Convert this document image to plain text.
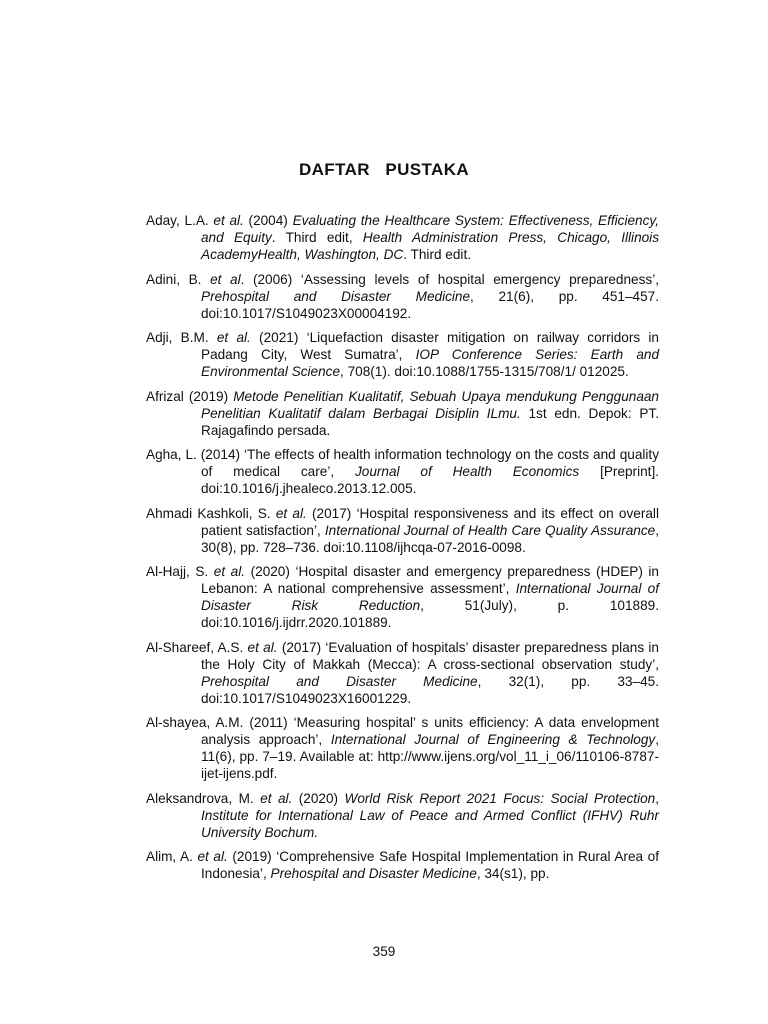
DAFTAR   PUSTAKA

Aday, L.A. et al. (2004) Evaluating the Healthcare System: Effectiveness, Efficiency, and Equity. Third edit, Health Administration Press, Chicago, Illinois AcademyHealth, Washington, DC. Third edit.

Adini, B. et al. (2006) ‘Assessing levels of hospital emergency preparedness’, Prehospital and Disaster Medicine, 21(6), pp. 451–457. doi:10.1017/S1049023X00004192.

Adji, B.M. et al. (2021) ‘Liquefaction disaster mitigation on railway corridors in Padang City, West Sumatra’, IOP Conference Series: Earth and Environmental Science, 708(1). doi:10.1088/1755-1315/708/1/ 012025.

Afrizal (2019) Metode Penelitian Kualitatif, Sebuah Upaya mendukung Penggunaan Penelitian Kualitatif dalam Berbagai Disiplin ILmu. 1st edn. Depok: PT. Rajagafindo persada.

Agha, L. (2014) ‘The effects of health information technology on the costs and quality of medical care’, Journal of Health Economics [Preprint]. doi:10.1016/j.jhealeco.2013.12.005.

Ahmadi Kashkoli, S. et al. (2017) ‘Hospital responsiveness and its effect on overall patient satisfaction’, International Journal of Health Care Quality Assurance, 30(8), pp. 728–736. doi:10.1108/ijhcqa-07-2016-0098.

Al-Hajj, S. et al. (2020) ‘Hospital disaster and emergency preparedness (HDEP) in Lebanon: A national comprehensive assessment’, International Journal of Disaster Risk Reduction, 51(July), p. 101889. doi:10.1016/j.ijdrr.2020.101889.

Al-Shareef, A.S. et al. (2017) ‘Evaluation of hospitals’ disaster preparedness plans in the Holy City of Makkah (Mecca): A cross-sectional observation study’, Prehospital and Disaster Medicine, 32(1), pp. 33–45. doi:10.1017/S1049023X16001229.

Al-shayea, A.M. (2011) ‘Measuring hospital’ s units efficiency: A data envelopment analysis approach’, International Journal of Engineering & Technology, 11(6), pp. 7–19. Available at: http://www.ijens.org/vol_11_i_06/110106-8787-ijet-ijens.pdf.

Aleksandrova, M. et al. (2020) World Risk Report 2021 Focus: Social Protection, Institute for International Law of Peace and Armed Conflict (IFHV) Ruhr University Bochum.

Alim, A. et al. (2019) ‘Comprehensive Safe Hospital Implementation in Rural Area of Indonesia’, Prehospital and Disaster Medicine, 34(s1), pp.

359
